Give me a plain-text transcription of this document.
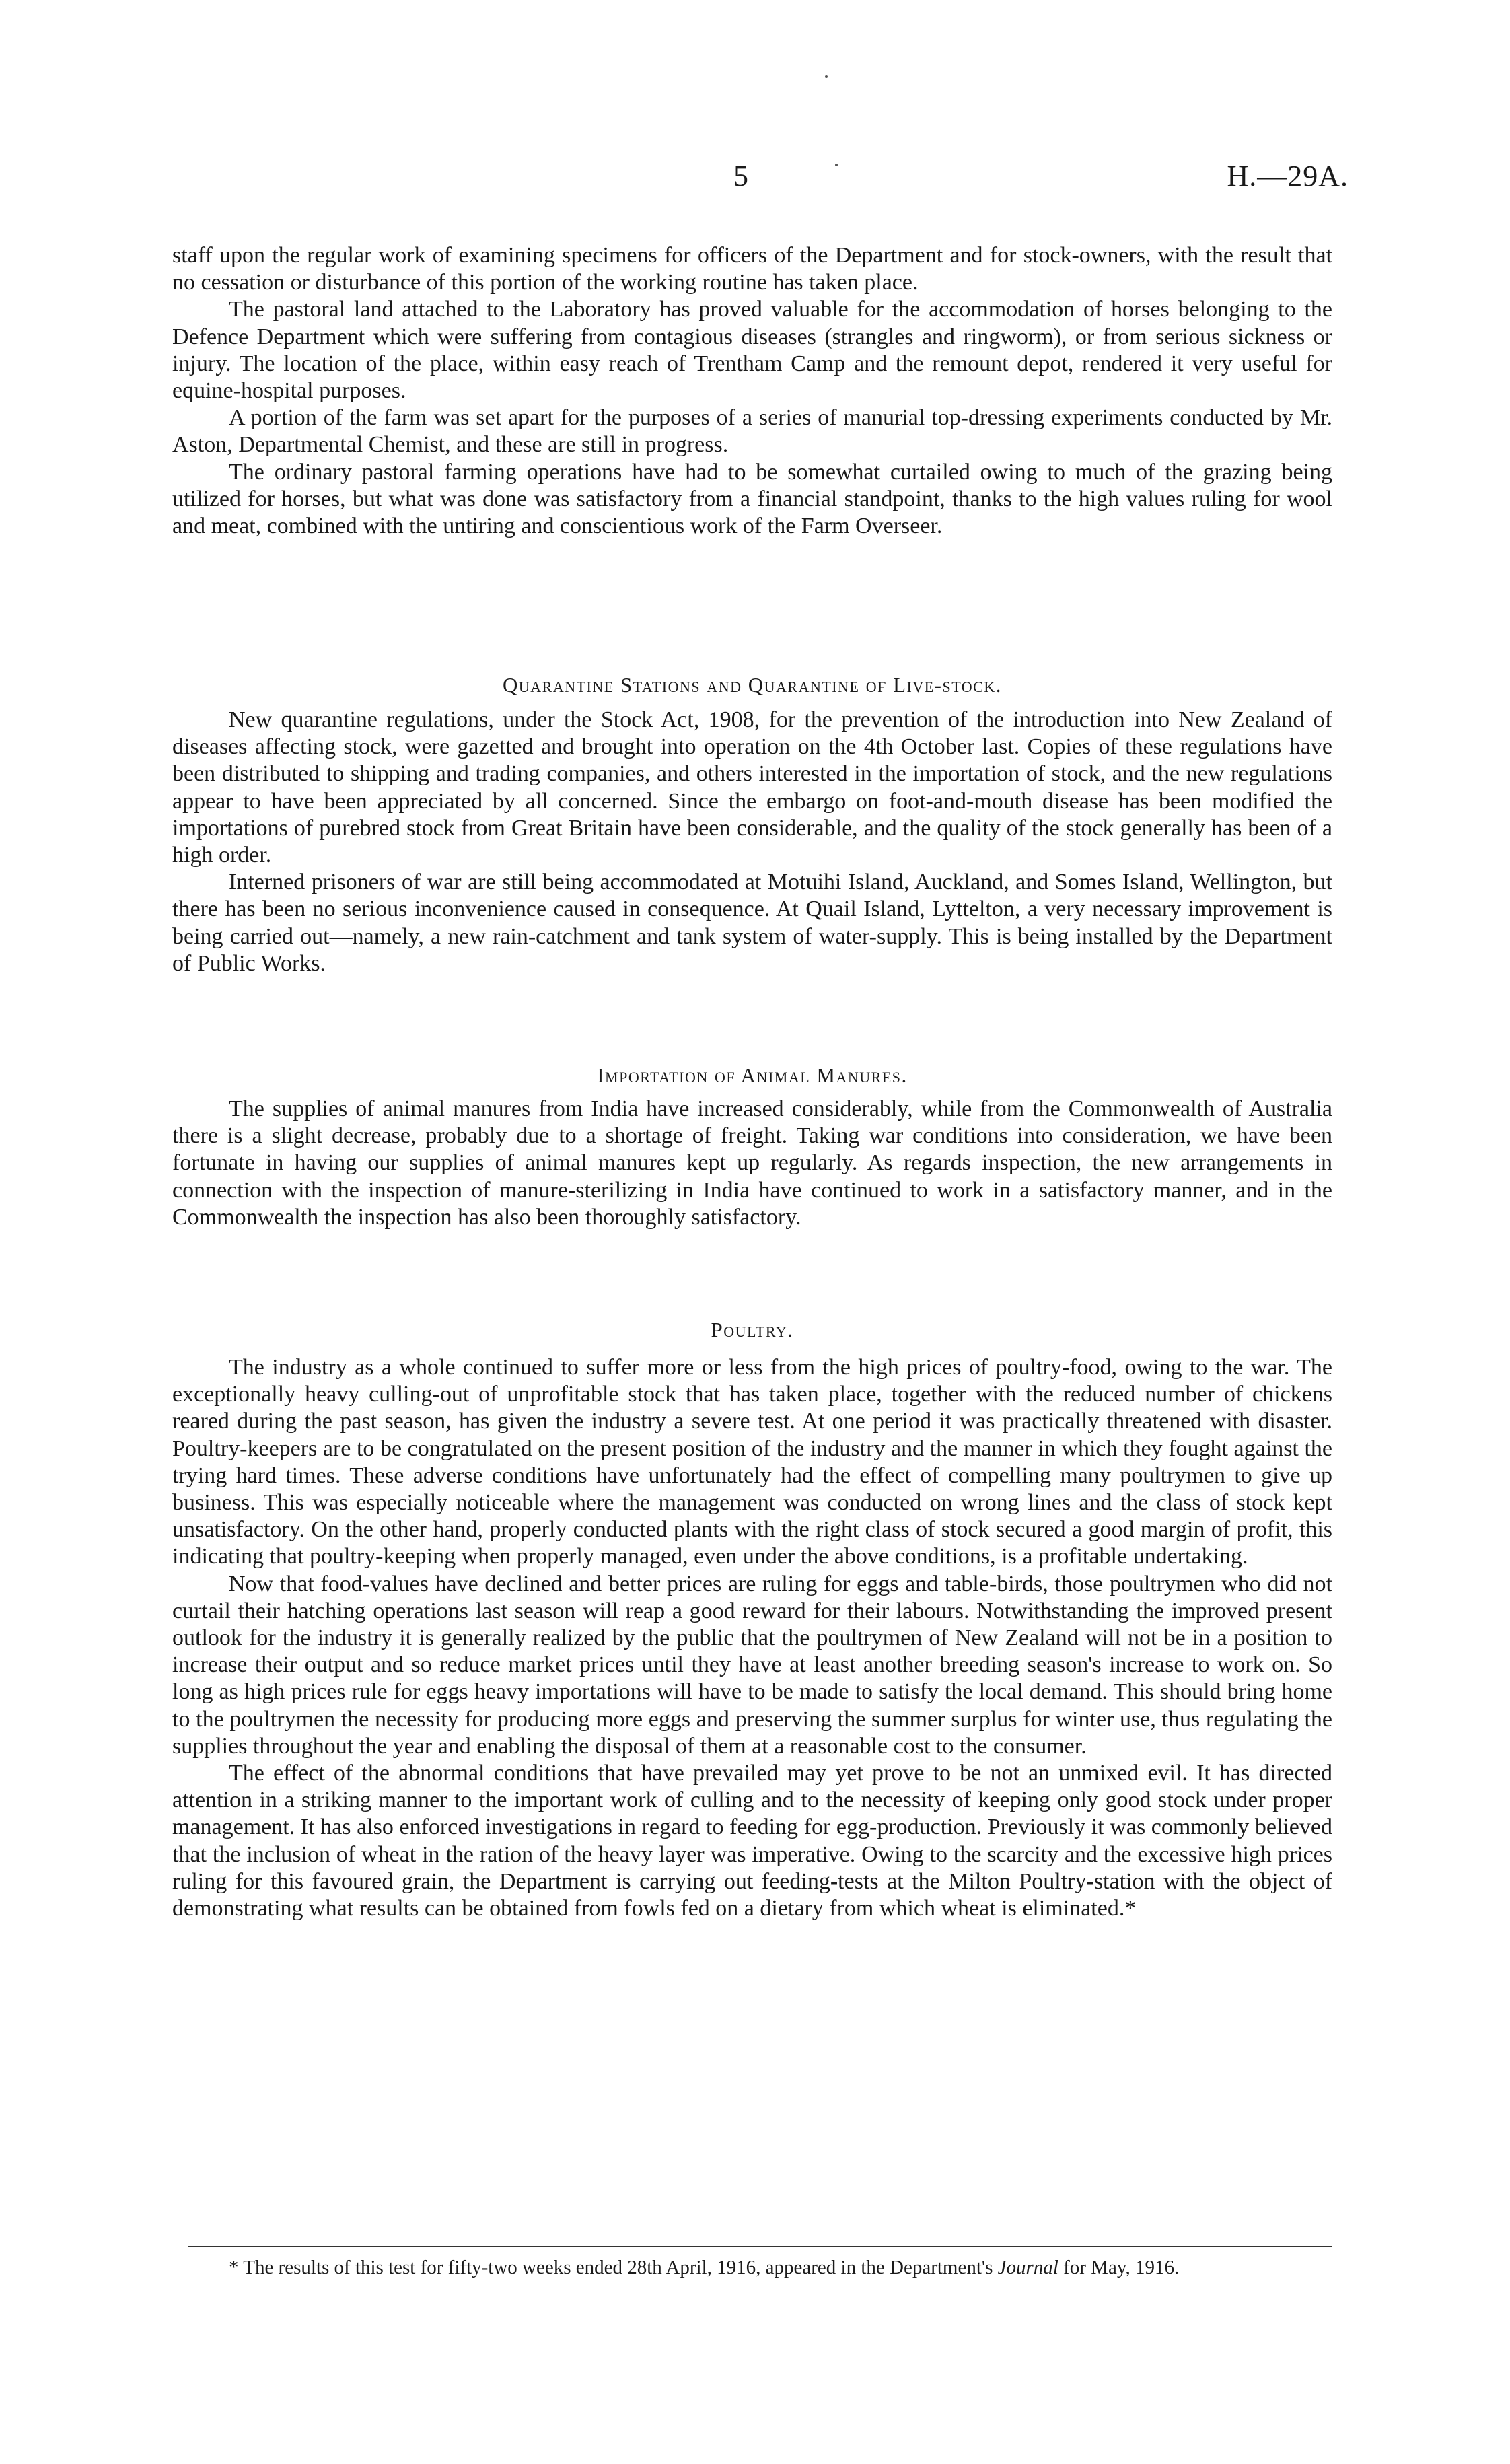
5	H.—29A.

staff upon the regular work of examining specimens for officers of the Department and for stock-owners, with the result that no cessation or disturbance of this portion of the working routine has taken place.

The pastoral land attached to the Laboratory has proved valuable for the accommodation of horses belonging to the Defence Department which were suffering from contagious diseases (strangles and ringworm), or from serious sickness or injury. The location of the place, within easy reach of Trentham Camp and the remount depot, rendered it very useful for equine-hospital purposes.

A portion of the farm was set apart for the purposes of a series of manurial top-dressing experiments conducted by Mr. Aston, Departmental Chemist, and these are still in progress.

The ordinary pastoral farming operations have had to be somewhat curtailed owing to much of the grazing being utilized for horses, but what was done was satisfactory from a financial standpoint, thanks to the high values ruling for wool and meat, combined with the untiring and conscientious work of the Farm Overseer.

Quarantine Stations and Quarantine of Live-stock.

New quarantine regulations, under the Stock Act, 1908, for the prevention of the introduction into New Zealand of diseases affecting stock, were gazetted and brought into operation on the 4th October last. Copies of these regulations have been distributed to shipping and trading companies, and others interested in the importation of stock, and the new regulations appear to have been appreciated by all concerned. Since the embargo on foot-and-mouth disease has been modified the importations of purebred stock from Great Britain have been considerable, and the quality of the stock generally has been of a high order.

Interned prisoners of war are still being accommodated at Motuihi Island, Auckland, and Somes Island, Wellington, but there has been no serious inconvenience caused in consequence. At Quail Island, Lyttelton, a very necessary improvement is being carried out—namely, a new rain-catchment and tank system of water-supply. This is being installed by the Department of Public Works.

Importation of Animal Manures.

The supplies of animal manures from India have increased considerably, while from the Commonwealth of Australia there is a slight decrease, probably due to a shortage of freight. Taking war conditions into consideration, we have been fortunate in having our supplies of animal manures kept up regularly. As regards inspection, the new arrangements in connection with the inspection of manure-sterilizing in India have continued to work in a satisfactory manner, and in the Commonwealth the inspection has also been thoroughly satisfactory.

Poultry.

The industry as a whole continued to suffer more or less from the high prices of poultry-food, owing to the war. The exceptionally heavy culling-out of unprofitable stock that has taken place, together with the reduced number of chickens reared during the past season, has given the industry a severe test. At one period it was practically threatened with disaster. Poultry-keepers are to be congratulated on the present position of the industry and the manner in which they fought against the trying hard times. These adverse conditions have unfortunately had the effect of compelling many poultrymen to give up business. This was especially noticeable where the management was conducted on wrong lines and the class of stock kept unsatisfactory. On the other hand, properly conducted plants with the right class of stock secured a good margin of profit, this indicating that poultry-keeping when properly managed, even under the above conditions, is a profitable undertaking.

Now that food-values have declined and better prices are ruling for eggs and table-birds, those poultrymen who did not curtail their hatching operations last season will reap a good reward for their labours. Notwithstanding the improved present outlook for the industry it is generally realized by the public that the poultrymen of New Zealand will not be in a position to increase their output and so reduce market prices until they have at least another breeding season's increase to work on. So long as high prices rule for eggs heavy importations will have to be made to satisfy the local demand. This should bring home to the poultrymen the necessity for producing more eggs and preserving the summer surplus for winter use, thus regulating the supplies throughout the year and enabling the disposal of them at a reasonable cost to the consumer.

The effect of the abnormal conditions that have prevailed may yet prove to be not an unmixed evil. It has directed attention in a striking manner to the important work of culling and to the necessity of keeping only good stock under proper management. It has also enforced investigations in regard to feeding for egg-production. Previously it was commonly believed that the inclusion of wheat in the ration of the heavy layer was imperative. Owing to the scarcity and the excessive high prices ruling for this favoured grain, the Department is carrying out feeding-tests at the Milton Poultry-station with the object of demonstrating what results can be obtained from fowls fed on a dietary from which wheat is eliminated.*

* The results of this test for fifty-two weeks ended 28th April, 1916, appeared in the Department's Journal for May, 1916.
